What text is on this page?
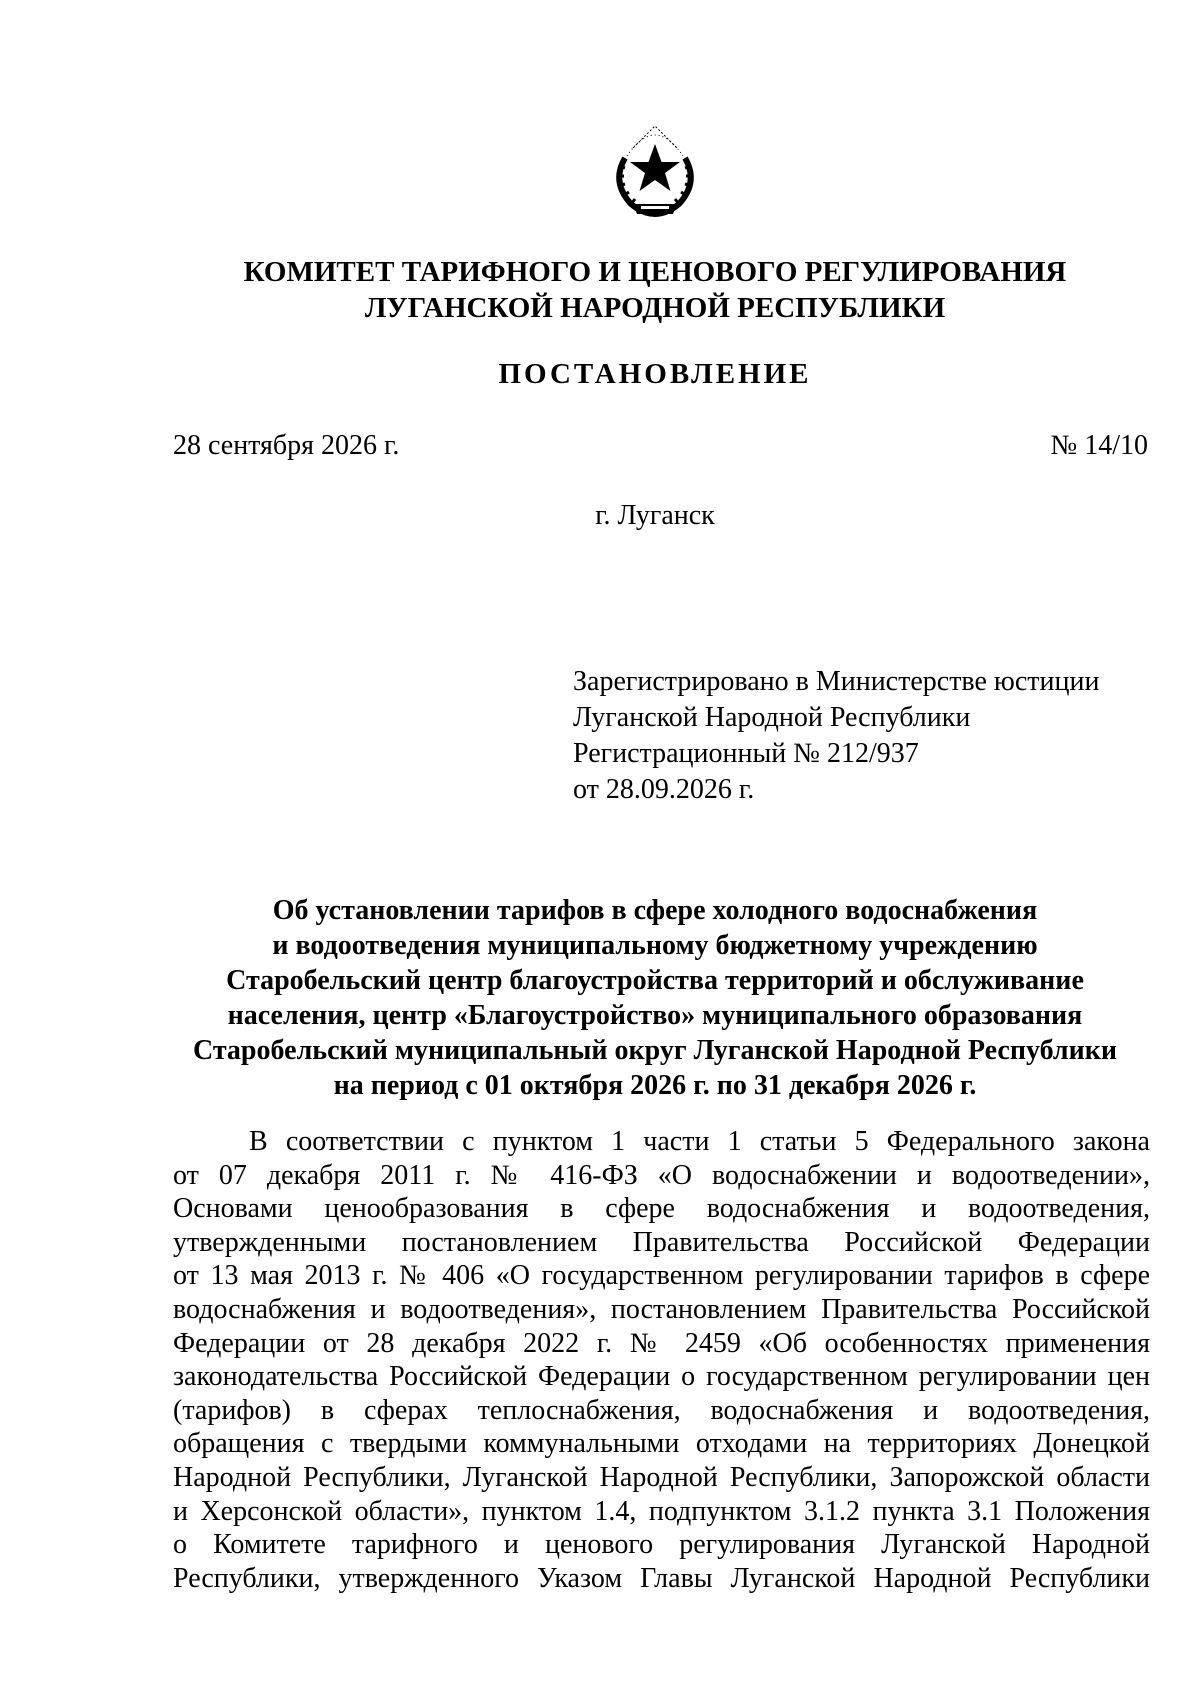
КОМИТЕТ ТАРИФНОГО И ЦЕНОВОГО РЕГУЛИРОВАНИЯ
ЛУГАНСКОЙ НАРОДНОЙ РЕСПУБЛИКИ
ПОСТАНОВЛЕНИЕ
28 сентября 2026 г.	№ 14/10
г. Луганск
Зарегистрировано в Министерстве юстиции
Луганской Народной Республики
Регистрационный № 212/937
от 28.09.2026 г.
Об установлении тарифов в сфере холодного водоснабжения
и водоотведения муниципальному бюджетному учреждению
Старобельский центр благоустройства территорий и обслуживание
населения, центр «Благоустройство» муниципального образования
Старобельский муниципальный округ Луганской Народной Республики
на период с 01 октября 2026 г. по 31 декабря 2026 г.
В соответствии с пунктом 1 части 1 статьи 5 Федерального закона
от 07 декабря 2011 г. № 416-ФЗ «О водоснабжении и водоотведении»,
Основами ценообразования в сфере водоснабжения и водоотведения,
утвержденными постановлением Правительства Российской Федерации
от 13 мая 2013 г. № 406 «О государственном регулировании тарифов в сфере
водоснабжения и водоотведения», постановлением Правительства Российской
Федерации от 28 декабря 2022 г. № 2459 «Об особенностях применения
законодательства Российской Федерации о государственном регулировании цен
(тарифов) в сферах теплоснабжения, водоснабжения и водоотведения,
обращения с твердыми коммунальными отходами на территориях Донецкой
Народной Республики, Луганской Народной Республики, Запорожской области
и Херсонской области», пунктом 1.4, подпунктом 3.1.2 пункта 3.1 Положения
о Комитете тарифного и ценового регулирования Луганской Народной
Республики, утвержденного Указом Главы Луганской Народной Республики
